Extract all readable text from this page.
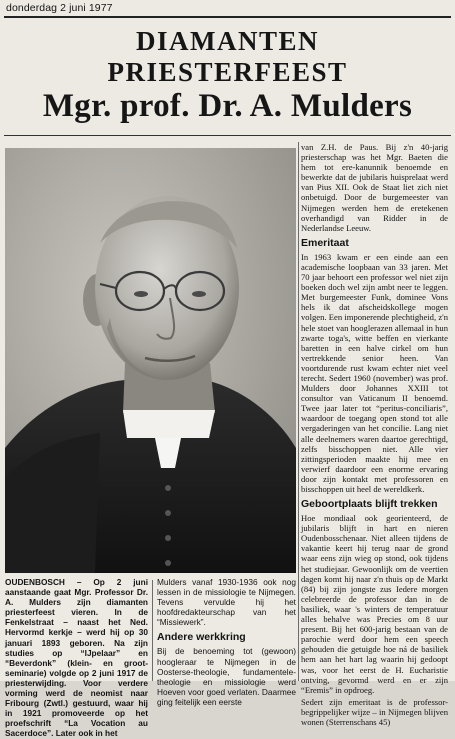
donderdag 2 juni 1977
DIAMANTEN
PRIESTERFEEST
Mgr. prof. Dr. A. Mulders

van Z.H. de Paus. Bij z'n 40-jarig priesterschap was het Mgr. Baeten die hem tot ere-kanunnik benoemde en bewerkte dat de jubilaris huisprelaat werd van Pius XII. Ook de Staat liet zich niet onbetuigd. Door de burgemeester van Nijmegen werden hem de eretekenen overhandigd van Ridder in de Nederlandse Leeuw.

Emeritaat

In 1963 kwam er een einde aan een academische loopbaan van 33 jaren. Met 70 jaar behoort een professor wel niet zijn boeken doch wel zijn ambt neer te leggen. Met burgemeester Funk, dominee Vons hels ik dat afscheidskollege mogen volgen. Een imponerende plechtigheid, z'n hele stoet van hooglerazen allemaal in hun zwarte toga's, witte beffen en vierkante baretten in een halve cirkel om hun vertrekkende senior heen. Van voortdurende rust kwam echter niet veel terecht. Sedert 1960 (november) was prof. Mulders door Johannes XXIII tot consultor van Vaticanum II benoemd. Twee jaar later tot “peritus-conciliaris”, waardoor de toegang open stond tot alle vergaderingen van het concilie. Lang niet alle deelnemers waren daartoe gerechtigd, zelfs bisschoppen niet. Alle vier zittingsperioden maakte hij mee en verwierf daardoor een enorme ervaring door zijn kontakt met professoren en bisschoppen uit heel de wereldkerk.

Geboortplaats blijft trekken

Hoe mondiaal ook georienteerd, de jubilaris blijft in hart en nieren Oudenbosschenaar. Niet alleen tijdens de vakantie keert hij terug naar de grond waar eens zijn wieg op stond, ook tijdens het studiejaar. Gewoonlijk om de veertien dagen komt hij naar z'n thuis op de Markt (84) bij zijn jongste zus Iedere morgen celebreerde de professor dan in de basiliek, waar 's winters de temperatuur alles behalve was Precies om 8 uur present. Bij het 600-jarig bestaan van de parochie werd door hem een speech gehouden die getuigde hoe ná de basiliek hem aan het hart lag waarin hij gedoopt was, voor het eerst de H. Eucharistie ontving, gevormd werd en er zijn “Eremis” in opdroeg.

Sedert zijn emeritaat is de professor-begrippelijker wijze – in Nijmegen blijven wonen (Sterrenschans 45)

OUDENBOSCH – Op 2 juni aanstaande gaat Mgr. Professor Dr. A. Mulders zijn diamanten priesterfeest vieren. In de Fenkelstraat – naast het Ned. Hervormd kerkje – werd hij op 30 januari 1893 geboren. Na zijn studies op “IJpelaar” en “Beverdonk” (klein- en groot-seminarie) volgde op 2 juni 1917 de priesterwijding. Voor verdere vorming werd de neomist naar Fribourg (Zwtl.) gestuurd, waar hij in 1921 promoveerde op het proefschrift “La Vocation au Sacerdoce”. Later ook in het

Mulders vanaf 1930-1936 ook nog lessen in de missiologie te Nijmegen. Tevens vervulde hij het hoofdredakteurschap van het “Missiewerk”.

Andere werkkring

Bij de benoeming tot (gewoon) hoogleraar te Nijmegen in de Oosterse-theologie, fundamentele-theologie en missiologie werd Hoeven voor goed verlaten. Daarmee ging feitelijk een eerste
